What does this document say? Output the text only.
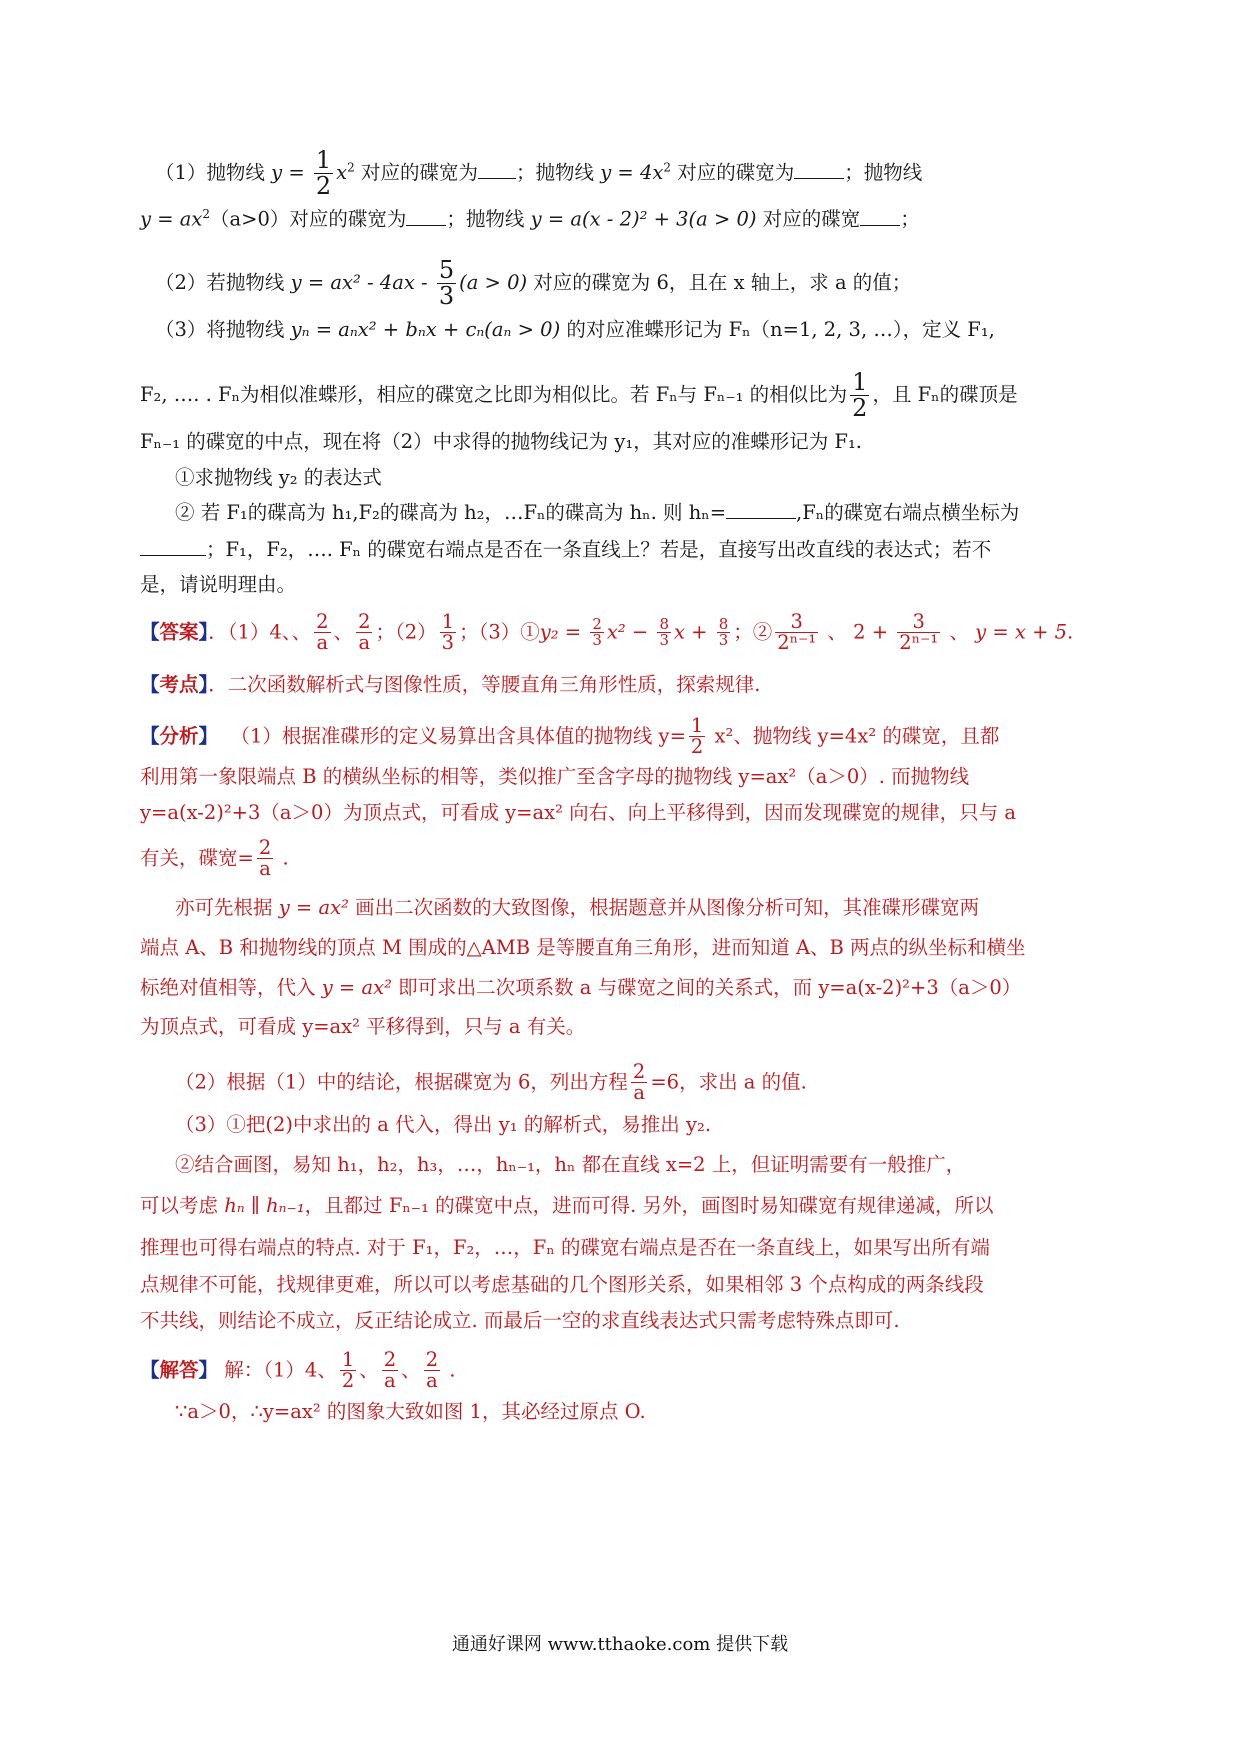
（1）抛物线 $y = \frac{1}{2} x^2$ 对应的碟宽为 ；抛物线 $y = 4x^2$ 对应的碟宽为	；抛物线
$y = ax^2(a>0)$对应的碟宽为 ；抛物线 y = a(x - 2)² + 3(a > 0) 对应的碟宽 ；
（2）若抛物线 $y = ax^2 - 4ax - \frac{5}{3} (a > 0)$ 对应的碟宽为 6，且在 x 轴上，求 a 的值；
（3）将抛物线 yₙ = aₙx² + bₙx + cₙ(aₙ > 0) 的对应准蝶形记为 Fₙ（n=1, 2, 3, …），定义 F₁,
F₂, …. . Fₙ为相似准蝶形，相应的碟宽之比即为相似比。若 Fₙ与 Fₙ₋₁ 的相似比为 $\frac{1}{2}$ ，且 Fₙ的碟顶是
Fₙ₋₁ 的碟宽的中点，现在将（2）中求得的抛物线记为 y₁，其对应的准蝶形记为 F₁.
①求抛物线 y₂ 的表达式
② 若 F₁的碟高为 h₁,F₂的碟高为 h₂，…Fₙ的碟高为 hₙ. 则 hₙ=	,Fₙ的碟宽右端点横坐标为
；F₁，F₂，…. Fₙ 的碟宽右端点是否在一条直线上？若是，直接写出改直线的表达式；若不
是，请说明理由。
【答案】．（1）4、、 $\frac{2}{a}$ 、 $\frac{2}{a}$ ；$(2) \frac{1}{3}$ ；（3）①y₂ = $\frac{2}{3} x^2 - \frac{8}{3}$ $x + \frac{8}{3}$ ；② $\frac{3}{\text{2ⁿ⁻¹}}$ 、 $2 + \frac{3}{\text{2ⁿ⁻¹}}$ 、 y = x + 5.
【考点】．二次函数解析式与图像性质，等腰直角三角形性质，探索规律.
【分析】 （1）根据准碟形的定义易算出含具体值的抛物线 $y= \frac{1}{2} x^2$、抛物线 y=4x² 的碟宽，且都
利用第一象限端点 B 的横纵坐标的相等，类似推广至含字母的抛物线 y=ax²（a＞0）. 而抛物线
y=a(x-2)²+3（a＞0）为顶点式，可看成 y=ax² 向右、向上平移得到，因而发现碟宽的规律，只与 a
有关，碟宽= $\frac{2}{a}$ .
亦可先根据 y = ax² 画出二次函数的大致图像，根据题意并从图像分析可知，其准碟形碟宽两
端点 A、B 和抛物线的顶点 M 围成的△AMB 是等腰直角三角形，进而知道 A、B 两点的纵坐标和横坐
标绝对值相等，代入 y = ax² 即可求出二次项系数 a 与碟宽之间的关系式，而 y=a(x-2)²+3（a＞0）
为顶点式，可看成 y=ax² 平移得到，只与 a 有关。
（2）根据（1）中的结论，根据碟宽为 6，列出方程 $\frac{2}{a} =6$，求出 a 的值.
（3）①把(2)中求出的 a 代入，得出 y₁ 的解析式，易推出 y₂.
②结合画图，易知 h₁，h₂，h₃，…，hₙ₋₁，hₙ 都在直线 x=2 上，但证明需要有一般推广，
可以考虑 hₙ ∥ hₙ₋₁，且都过 Fₙ₋₁ 的碟宽中点，进而可得. 另外，画图时易知碟宽有规律递减，所以
推理也可得右端点的特点. 对于 F₁，F₂，…，Fₙ 的碟宽右端点是否在一条直线上，如果写出所有端
点规律不可能，找规律更难，所以可以考虑基础的几个图形关系，如果相邻 3 个点构成的两条线段
不共线，则结论不成立，反正结论成立. 而最后一空的求直线表达式只需考虑特殊点即可.
【解答】 解：（1）4、 $\frac{1}{2}$ 、 $\frac{2}{a}$ 、 $\frac{2}{a}$ .
∵a＞0，∴y=ax² 的图象大致如图 1，其必经过原点 O.
通通好课网 www.tthaoke.com 提供下载
